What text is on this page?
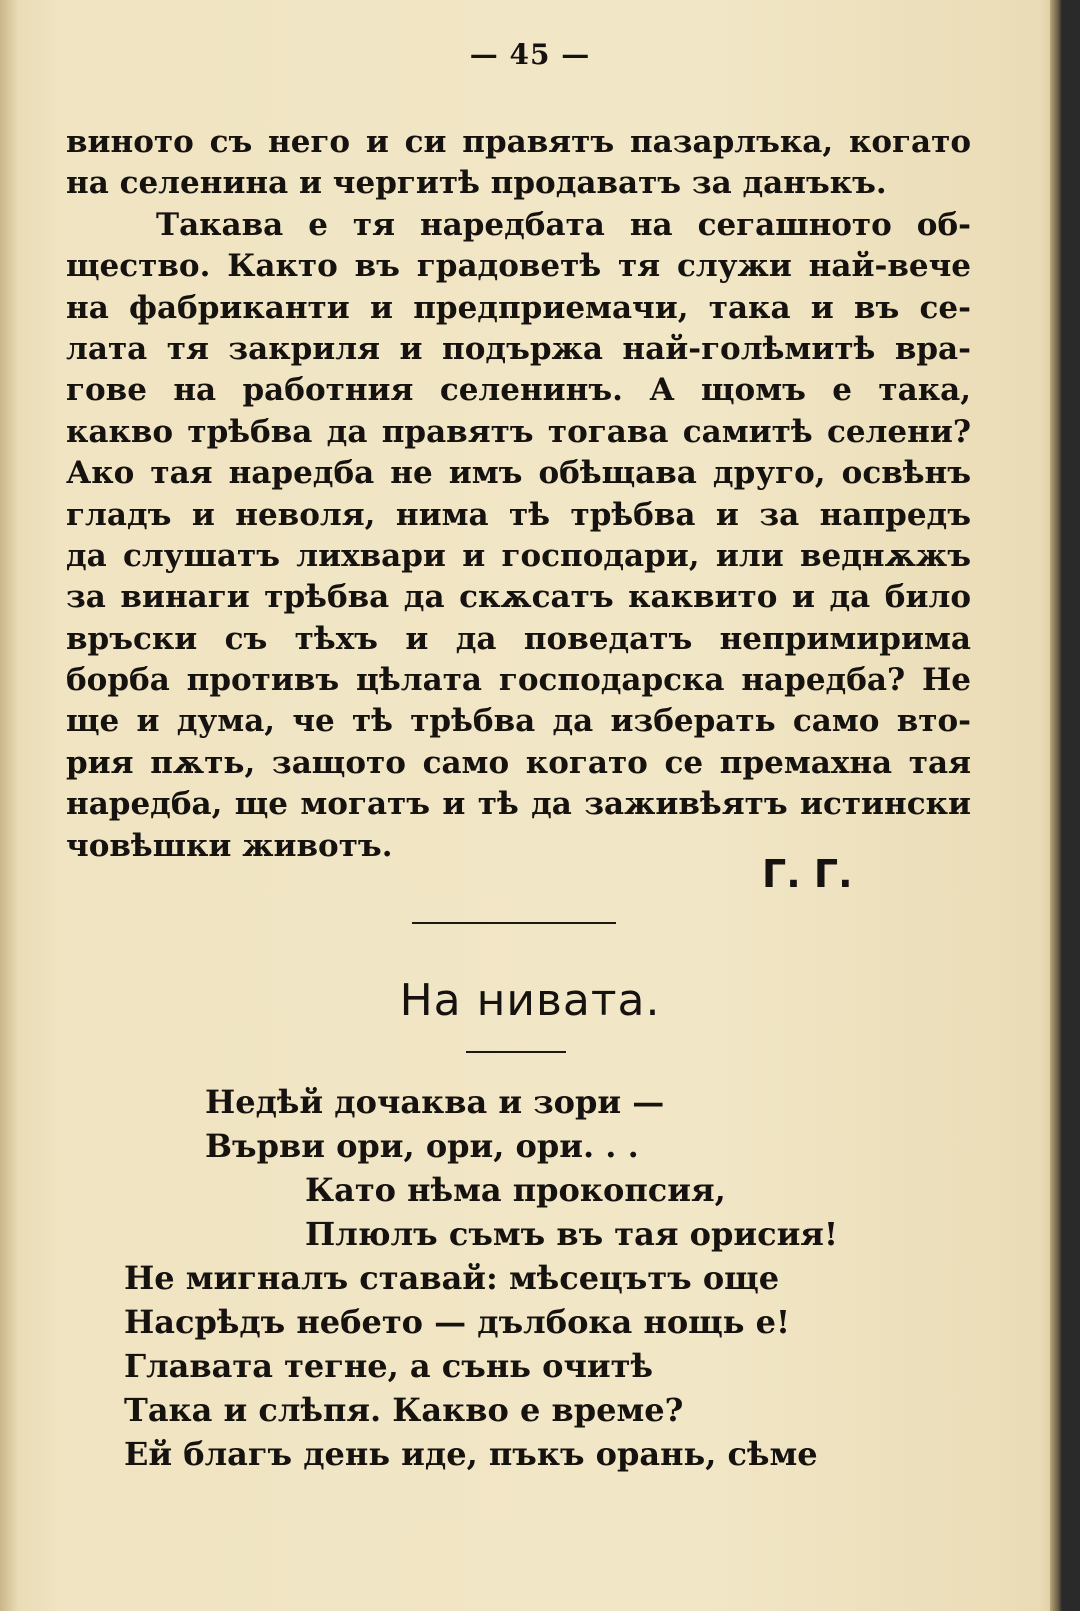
— 45 —
виното съ него и си правятъ пазарлъка, когато
на селенина и чергитѣ продаватъ за данъкъ.
Такава е тя наредбата на сегашното об-
щество. Както въ градоветѣ тя служи най-вече
на фабриканти и предприемачи, така и въ се-
лата тя закриля и подържа най-голѣмитѣ вра-
гове на работния селенинъ. А щомъ е така,
какво трѣбва да правятъ тогава самитѣ селени?
Ако тая наредба не имъ обѣщава друго, освѣнъ
гладъ и неволя, нима тѣ трѣбва и за напредъ
да слушатъ лихвари и господари, или веднѫжъ
за винаги трѣбва да скѫсатъ каквито и да било
връски съ тѣхъ и да поведатъ непримирима
борба противъ цѣлата господарска наредба? Не
ще и дума, че тѣ трѣбва да изберать само вто-
рия пѫть, защото само когато се премахна тая
наредба, ще могатъ и тѣ да заживѣятъ истински
човѣшки животъ.
Г. Г.
На нивата.
Недѣй дочаква и зори —
Върви ори, ори, ори. . .
Като нѣма прокопсия,
Плюлъ съмъ въ тая орисия!
Не мигналъ ставай: мѣсецътъ още
Насрѣдъ небето — дълбока нощь е!
Главата тегне, а сънь очитѣ
Така и слѣпя. Какво е време?
Ей благъ день иде, пъкъ орань, сѣме
